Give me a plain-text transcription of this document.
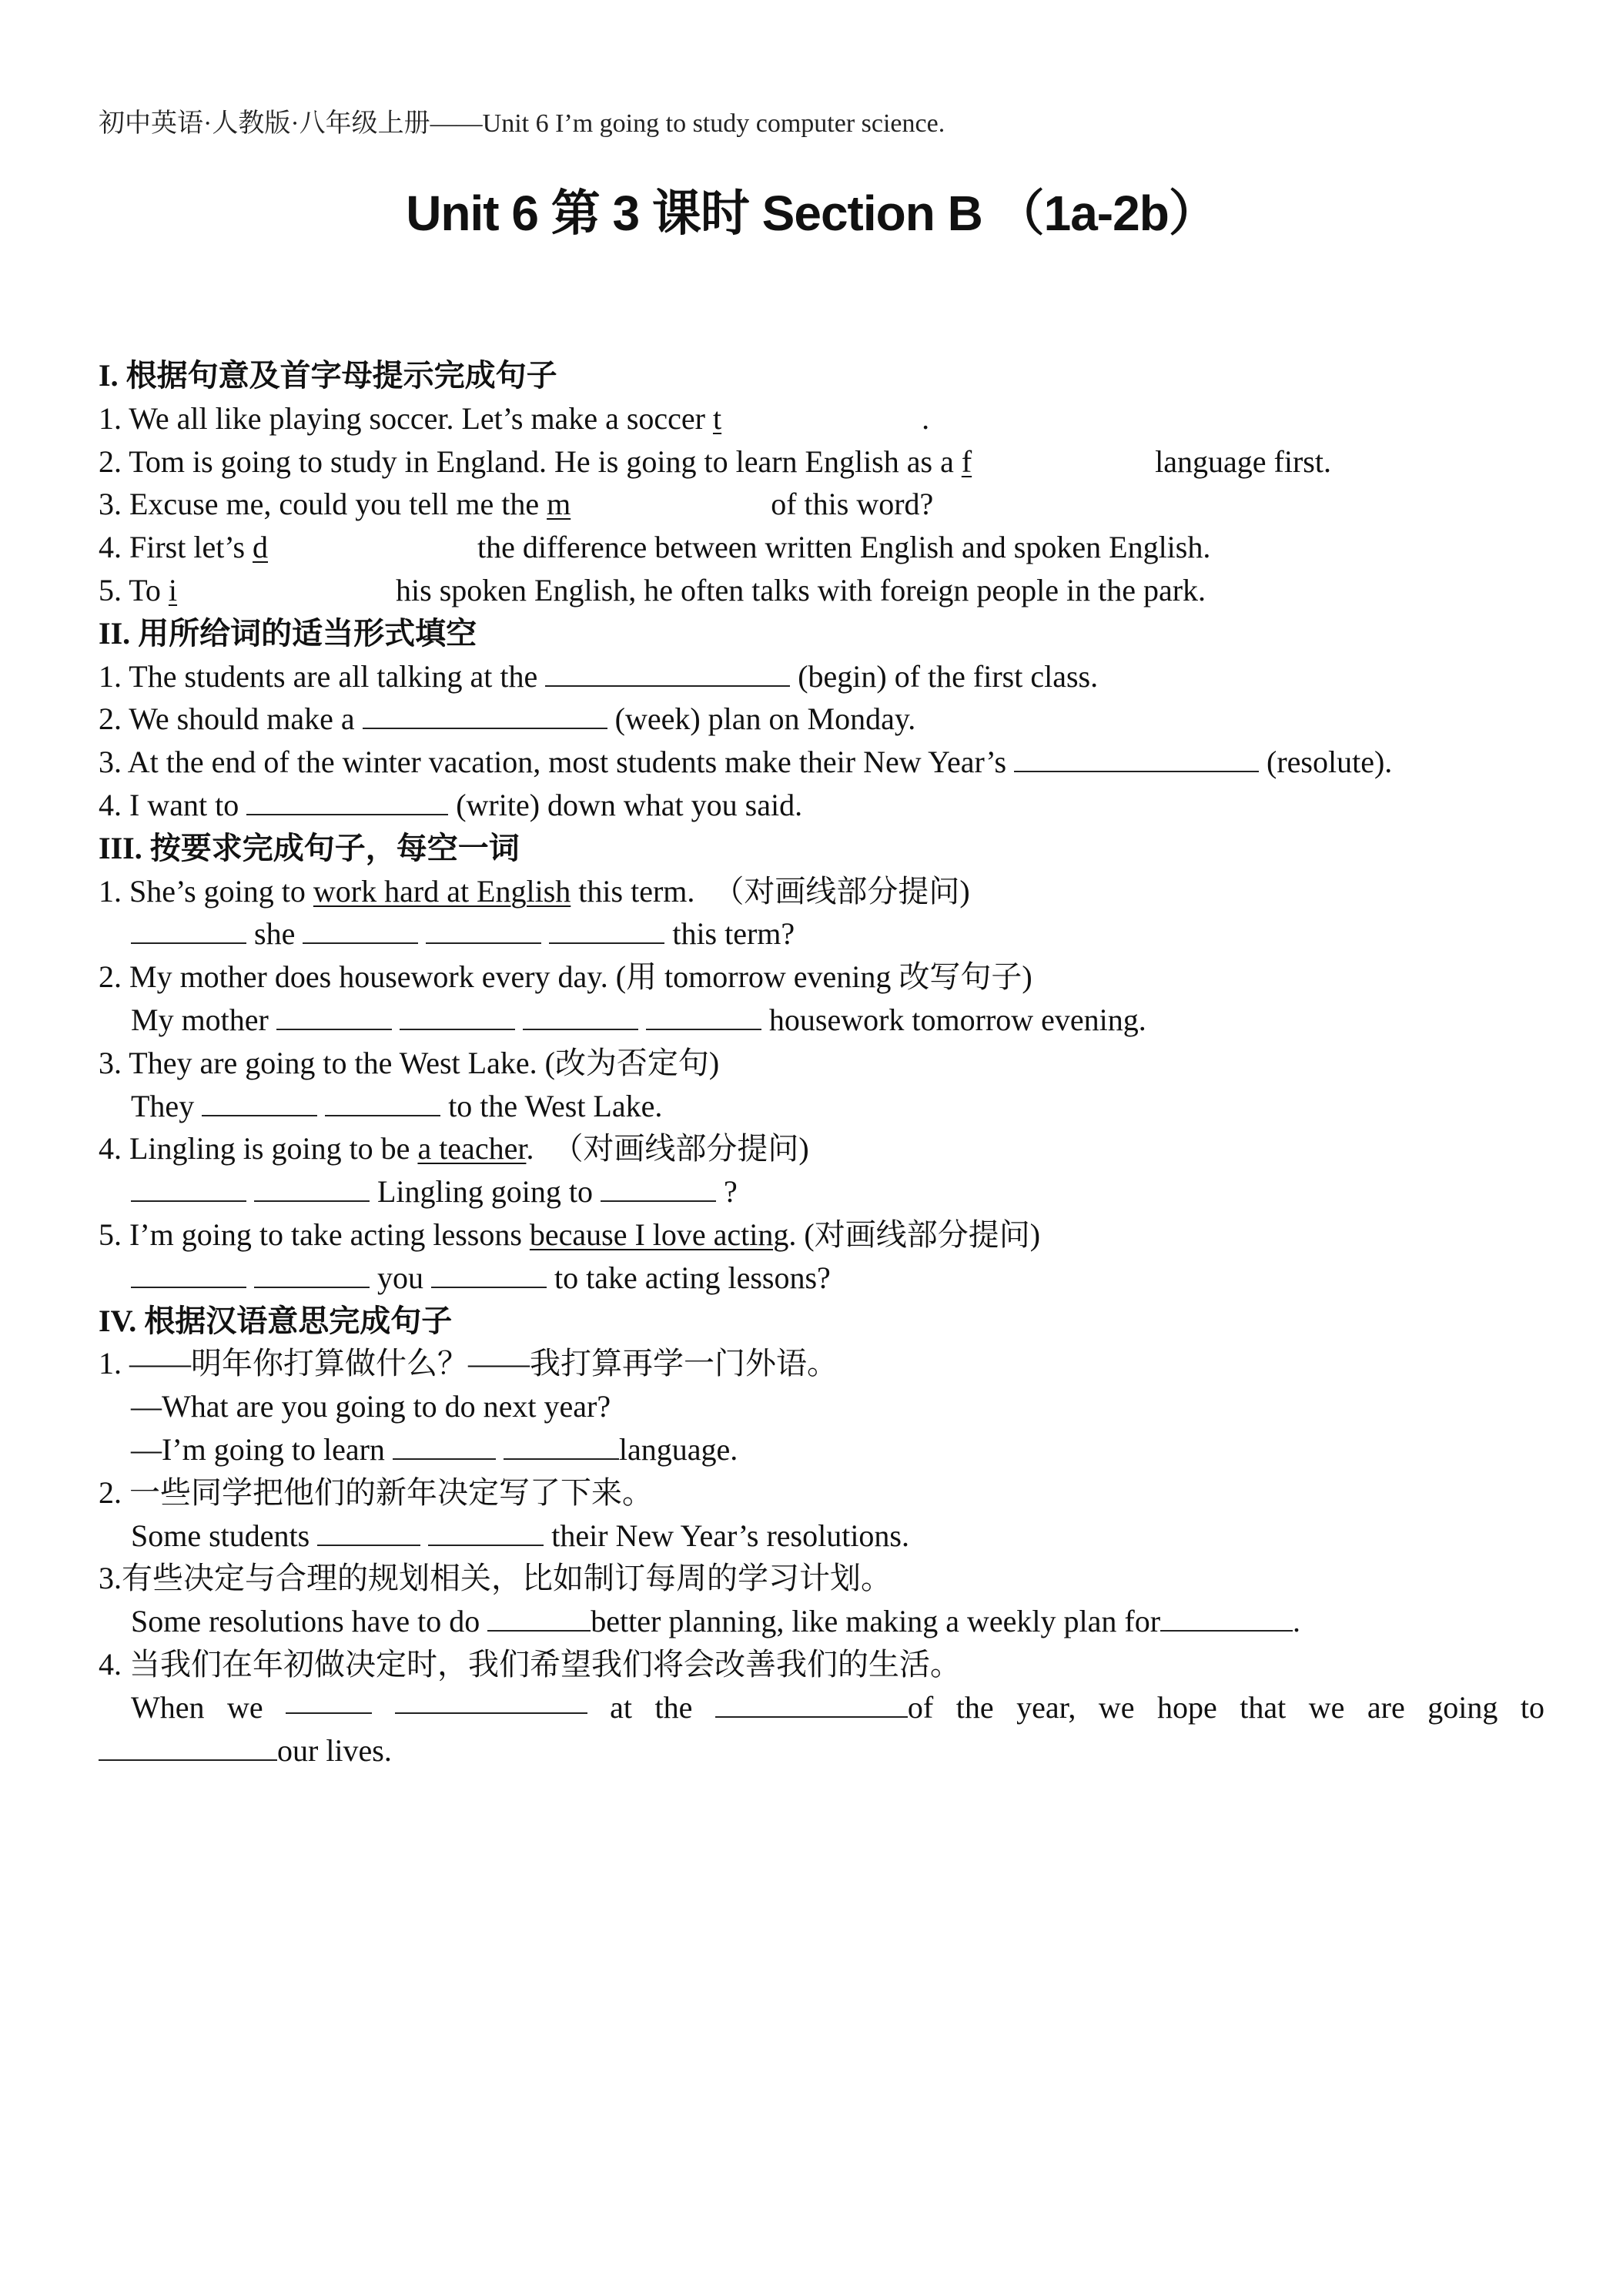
初中英语·人教版·八年级上册——Unit 6 I’m going to study computer science.
Unit 6 第 3 课时 Section B （1a-2b）
I. 根据句意及首字母提示完成句子
1. We all like playing soccer. Let’s make a soccer t	.
2. Tom is going to study in England. He is going to learn English as a f	language first.
3. Excuse me, could you tell me the m	of this word?
4. First let’s d	the difference between written English and spoken English.
5. To i	his spoken English, he often talks with foreign people in the park.
II. 用所给词的适当形式填空
1. The students are all talking at the	(begin) of the first class.
2. We should make a	(week) plan on Monday.
3. At the end of the winter vacation, most students make their New Year’s	(resolute).
4. I want to	(write) down what you said.
III. 按要求完成句子，每空一词
1. She’s going to work hard at English this term. （对画线部分提问)
she	this term?
2. My mother does housework every day. (用 tomorrow evening 改写句子)
My mother	housework tomorrow evening.
3. They are going to the West Lake. (改为否定句)
They	to the West Lake.
4. Lingling is going to be a teacher. （对画线部分提问)
Lingling going to	?
5. I’m going to take acting lessons because I love acting. (对画线部分提问)
you	to take acting lessons?
IV. 根据汉语意思完成句子
1. ——明年你打算做什么？——我打算再学一门外语。
—What are you going to do next year?
—I’m going to learn	language.
2. 一些同学把他们的新年决定写了下来。
Some students	their New Year’s resolutions.
3.有些决定与合理的规划相关，比如制订每周的学习计划。
Some resolutions have to do	better planning, like making a weekly plan for	.
4. 当我们在年初做决定时，我们希望我们将会改善我们的生活。
When we	at the	of the year, we hope that we are going to
our lives.
